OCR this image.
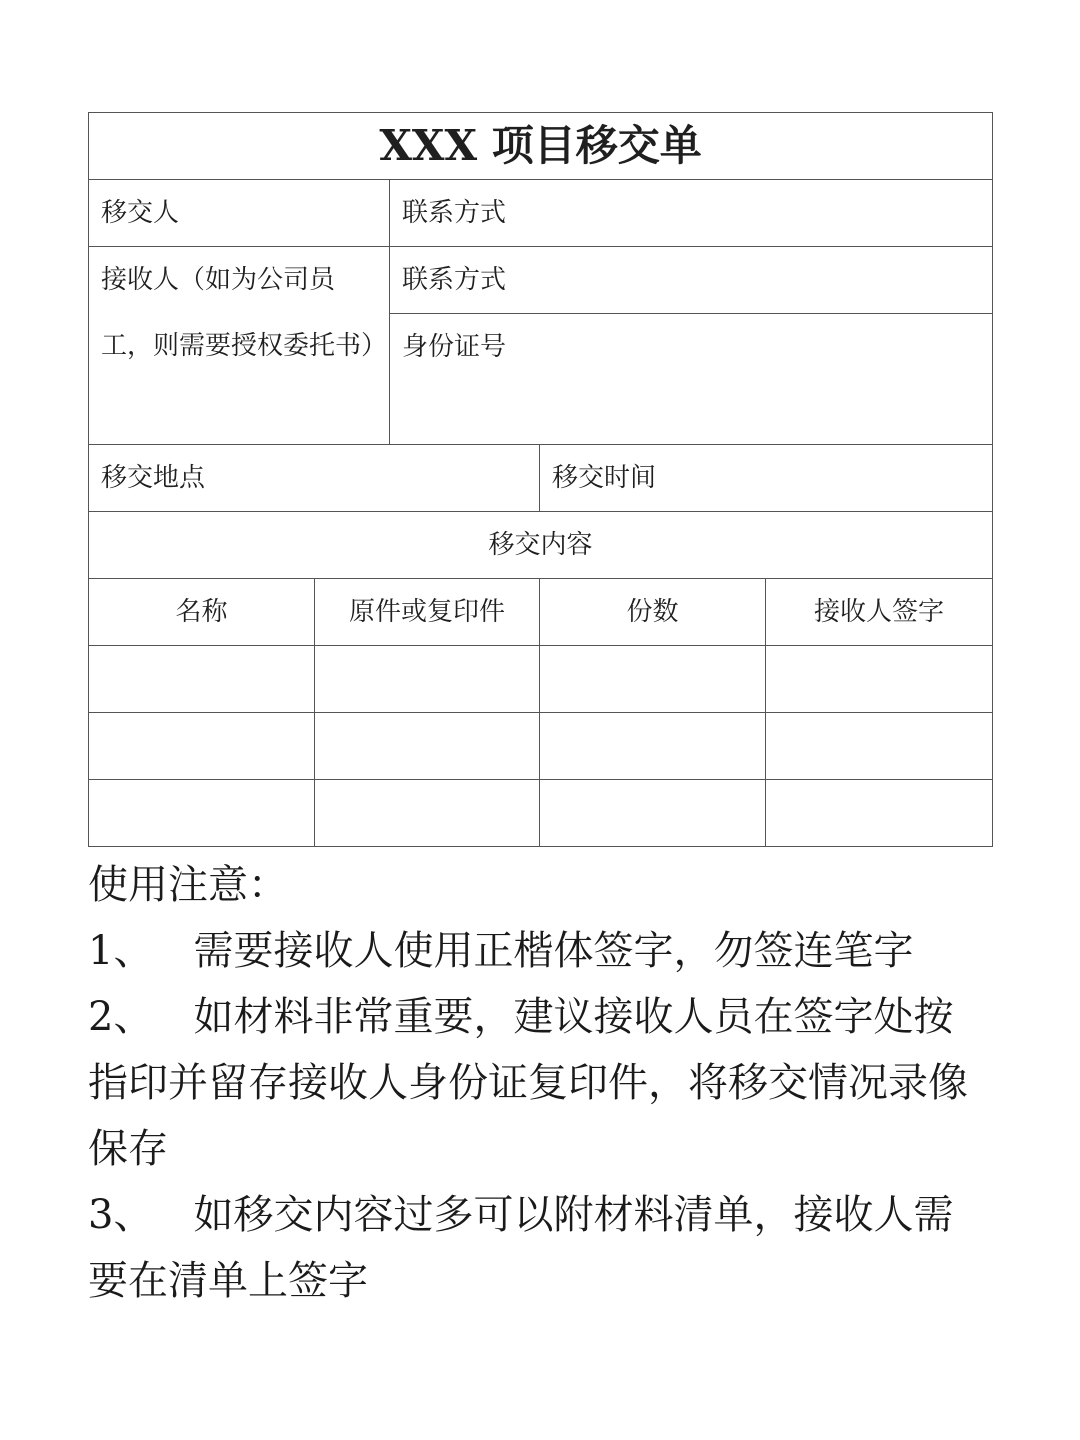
XXX 项目移交单				
移交人		联系方式		
接收人（如为公司员工，则需要授权委托书）		联系方式		
		身份证号		
移交地点			移交时间	
移交内容				
名称	原件或复印件		份数	接收人签字

使用注意：
1、 需要接收人使用正楷体签字，勿签连笔字
2、 如材料非常重要，建议接收人员在签字处按指印并留存接收人身份证复印件，将移交情况录像保存
3、 如移交内容过多可以附材料清单，接收人需要在清单上签字
